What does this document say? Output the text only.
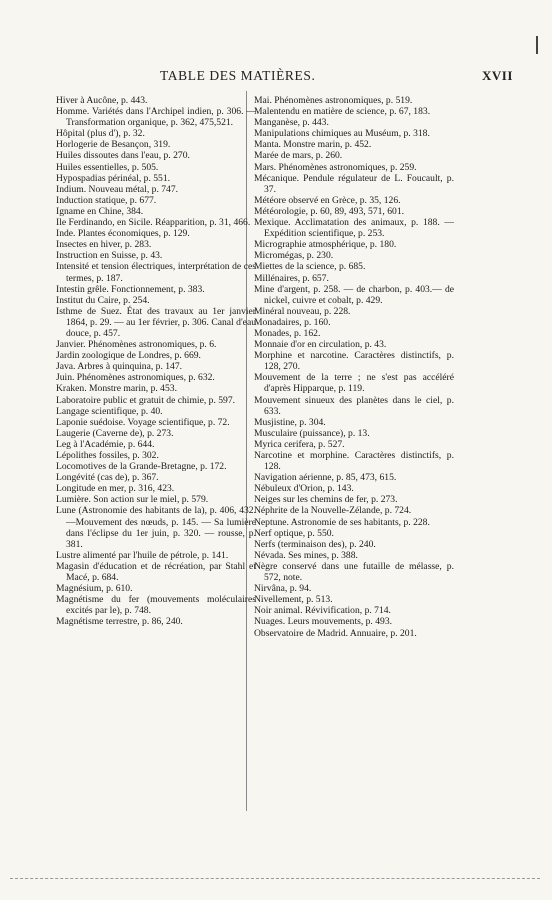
TABLE DES MATIÈRES.	XVII
Hiver à Aucône, p. 443.
Homme. Variétés dans l'Archipel indien, p. 306. — Transformation organique, p. 362, 475,521.
Hôpital (plus d'), p. 32.
Horlogerie de Besançon, 319.
Huiles dissoutes dans l'eau, p. 270.
Huiles essentielles, p. 505.
Hypospadias périnéal, p. 551.
Indium. Nouveau métal, p. 747.
Induction statique, p. 677.
Igname en Chine, 384.
Ile Ferdinando, en Sicile. Réapparition, p. 31, 466.
Inde. Plantes économiques, p. 129.
Insectes en hiver, p. 283.
Instruction en Suisse, p. 43.
Intensité et tension électriques, interprétation de ces termes, p. 187.
Intestin grêle. Fonctionnement, p. 383.
Institut du Caire, p. 254.
Isthme de Suez. État des travaux au 1er janvier 1864, p. 29. — au 1er février, p. 306. Canal d'eau douce, p. 457.
Janvier. Phénomènes astronomiques, p. 6.
Jardin zoologique de Londres, p. 669.
Java. Arbres à quinquina, p. 147.
Juin. Phénomènes astronomiques, p. 632.
Kraken. Monstre marin, p. 453.
Laboratoire public et gratuit de chimie, p. 597.
Langage scientifique, p. 40.
Laponie suédoise. Voyage scientifique, p. 72.
Laugerie (Caverne de), p. 273.
Leg à l'Académie, p. 644.
Lépolithes fossiles, p. 302.
Locomotives de la Grande-Bretagne, p. 172.
Longévité (cas de), p. 367.
Longitude en mer, p. 316, 423.
Lumière. Son action sur le miel, p. 579.
Lune (Astronomie des habitants de la), p. 406, 432.—Mouvement des nœuds, p. 145. — Sa lumière dans l'éclipse du 1er juin, p. 320. — rousse, p. 381.
Lustre alimenté par l'huile de pétrole, p. 141.
Magasin d'éducation et de récréation, par Stahl et Macé, p. 684.
Magnésium, p. 610.
Magnétisme du fer (mouvements moléculaires excités par le), p. 748.
Magnétisme terrestre, p. 86, 240.
Mai. Phénomènes astronomiques, p. 519.
Malentendu en matière de science, p. 67, 183.
Manganèse, p. 443.
Manipulations chimiques au Muséum, p. 318.
Manta. Monstre marin, p. 452.
Marée de mars, p. 260.
Mars. Phénomènes astronomiques, p. 259.
Mécanique. Pendule régulateur de L. Foucault, p. 37.
Météore observé en Grèce, p. 35, 126.
Météorologie, p. 60, 89, 493, 571, 601.
Mexique. Acclimatation des animaux, p. 188. — Expédition scientifique, p. 253.
Micrographie atmosphérique, p. 180.
Micromégas, p. 230.
Miettes de la science, p. 685.
Millénaires, p. 657.
Mine d'argent, p. 258. — de charbon, p. 403.— de nickel, cuivre et cobalt, p. 429.
Minéral nouveau, p. 228.
Monadaires, p. 160.
Monades, p. 162.
Monnaie d'or en circulation, p. 43.
Morphine et narcotine. Caractères distinctifs, p. 128, 270.
Mouvement de la terre ; ne s'est pas accéléré d'après Hipparque, p. 119.
Mouvement sinueux des planètes dans le ciel, p. 633.
Musjistine, p. 304.
Musculaire (puissance), p. 13.
Myrica cerifera, p. 527.
Narcotine et morphine. Caractères distinctifs, p. 128.
Navigation aérienne, p. 85, 473, 615.
Nébuleux d'Orion, p. 143.
Neiges sur les chemins de fer, p. 273.
Néphrite de la Nouvelle-Zélande, p. 724.
Neptune. Astronomie de ses habitants, p. 228.
Nerf optique, p. 550.
Nerfs (terminaison des), p. 240.
Névada. Ses mines, p. 388.
Nègre conservé dans une futaille de mélasse, p. 572, note.
Nirvâna, p. 94.
Nivellement, p. 513.
Noir animal. Révivification, p. 714.
Nuages. Leurs mouvements, p. 493.
Observatoire de Madrid. Annuaire, p. 201.
